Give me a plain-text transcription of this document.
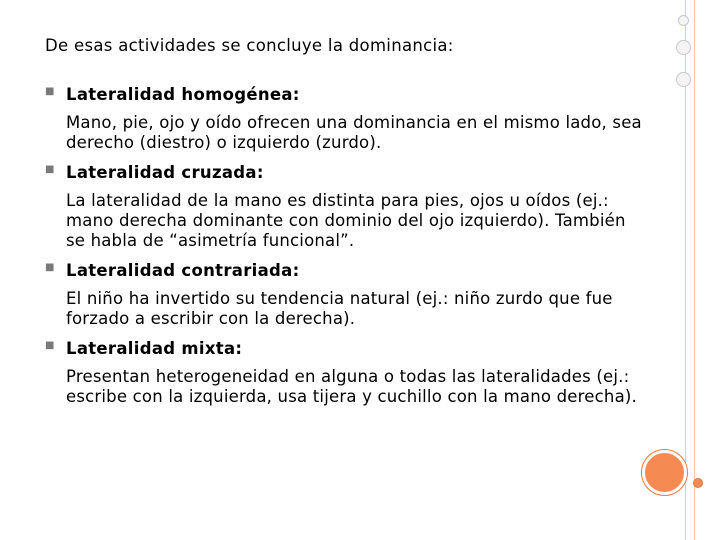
De esas actividades se concluye la dominancia:
■ Lateralidad homogénea:
Mano, pie, ojo y oído ofrecen una dominancia en el mismo lado, sea derecho (diestro) o izquierdo (zurdo).
■ Lateralidad cruzada:
La lateralidad de la mano es distinta para pies, ojos u oídos (ej.: mano derecha dominante con dominio del ojo izquierdo). También se habla de “asimetría funcional”.
■ Lateralidad contrariada:
El niño ha invertido su tendencia natural (ej.: niño zurdo que fue forzado a escribir con la derecha).
■ Lateralidad mixta:
Presentan heterogeneidad en alguna o todas las lateralidades (ej.: escribe con la izquierda, usa tijera y cuchillo con la mano derecha).
